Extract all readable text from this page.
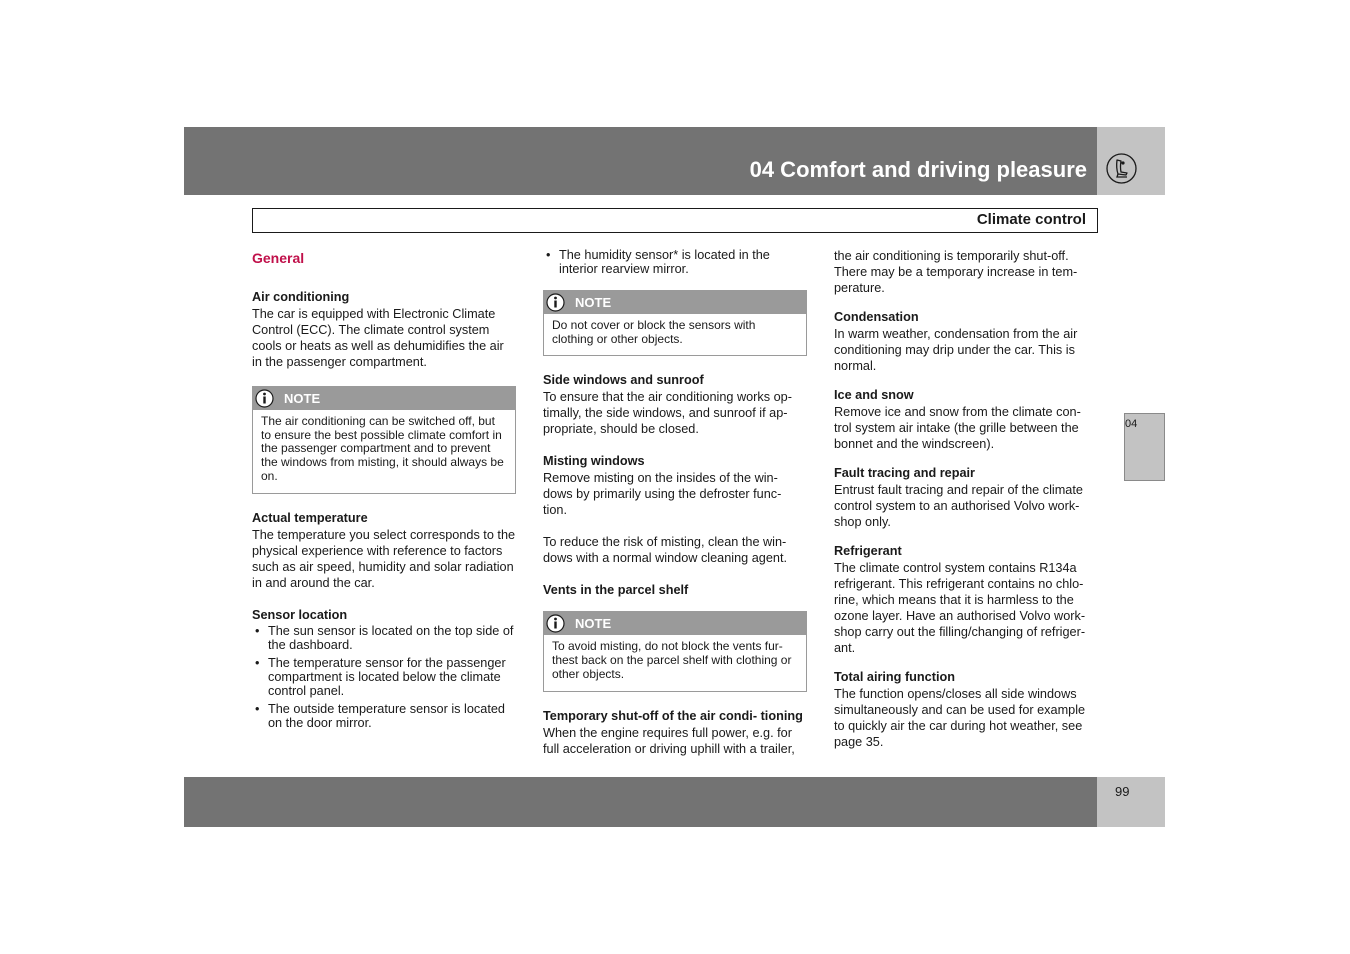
04 Comfort and driving pleasure
Climate control
04
General
Air conditioning

The car is equipped with Electronic Climate Control (ECC). The climate control system cools or heats as well as dehumidifies the air in the passenger compartment.

NOTE
The air conditioning can be switched off, but to ensure the best possible climate comfort in the passenger compartment and to prevent the windows from misting, it should always be on.
Actual temperature

The temperature you select corresponds to the physical experience with reference to factors such as air speed, humidity and solar radiation in and around the car.

Sensor location
• The sun sensor is located on the top side of the dashboard.
• The temperature sensor for the passenger compartment is located below the climate control panel.
• The outside temperature sensor is located on the door mirror.
• The humidity sensor* is located in the interior rearview mirror.
NOTE
Do not cover or block the sensors with clothing or other objects.
Side windows and sunroof

To ensure that the air conditioning works op- timally, the side windows, and sunroof if ap- propriate, should be closed.

Misting windows

Remove misting on the insides of the win- dows by primarily using the defroster func- tion.

To reduce the risk of misting, clean the win- dows with a normal window cleaning agent.

Vents in the parcel shelf
NOTE
To avoid misting, do not block the vents fur- thest back on the parcel shelf with clothing or other objects.
Temporary shut-off of the air condi- tioning

When the engine requires full power, e.g. for full acceleration or driving uphill with a trailer,

the air conditioning is temporarily shut-off. There may be a temporary increase in tem- perature.

Condensation

In warm weather, condensation from the air conditioning may drip under the car. This is normal.

Ice and snow

Remove ice and snow from the climate con- trol system air intake (the grille between the bonnet and the windscreen).

Fault tracing and repair

Entrust fault tracing and repair of the climate control system to an authorised Volvo work- shop only.

Refrigerant

The climate control system contains R134a refrigerant. This refrigerant contains no chlo- rine, which means that it is harmless to the ozone layer. Have an authorised Volvo work- shop carry out the filling/changing of refriger- ant.

Total airing function

The function opens/closes all side windows simultaneously and can be used for example to quickly air the car during hot weather, see page 35.

99
